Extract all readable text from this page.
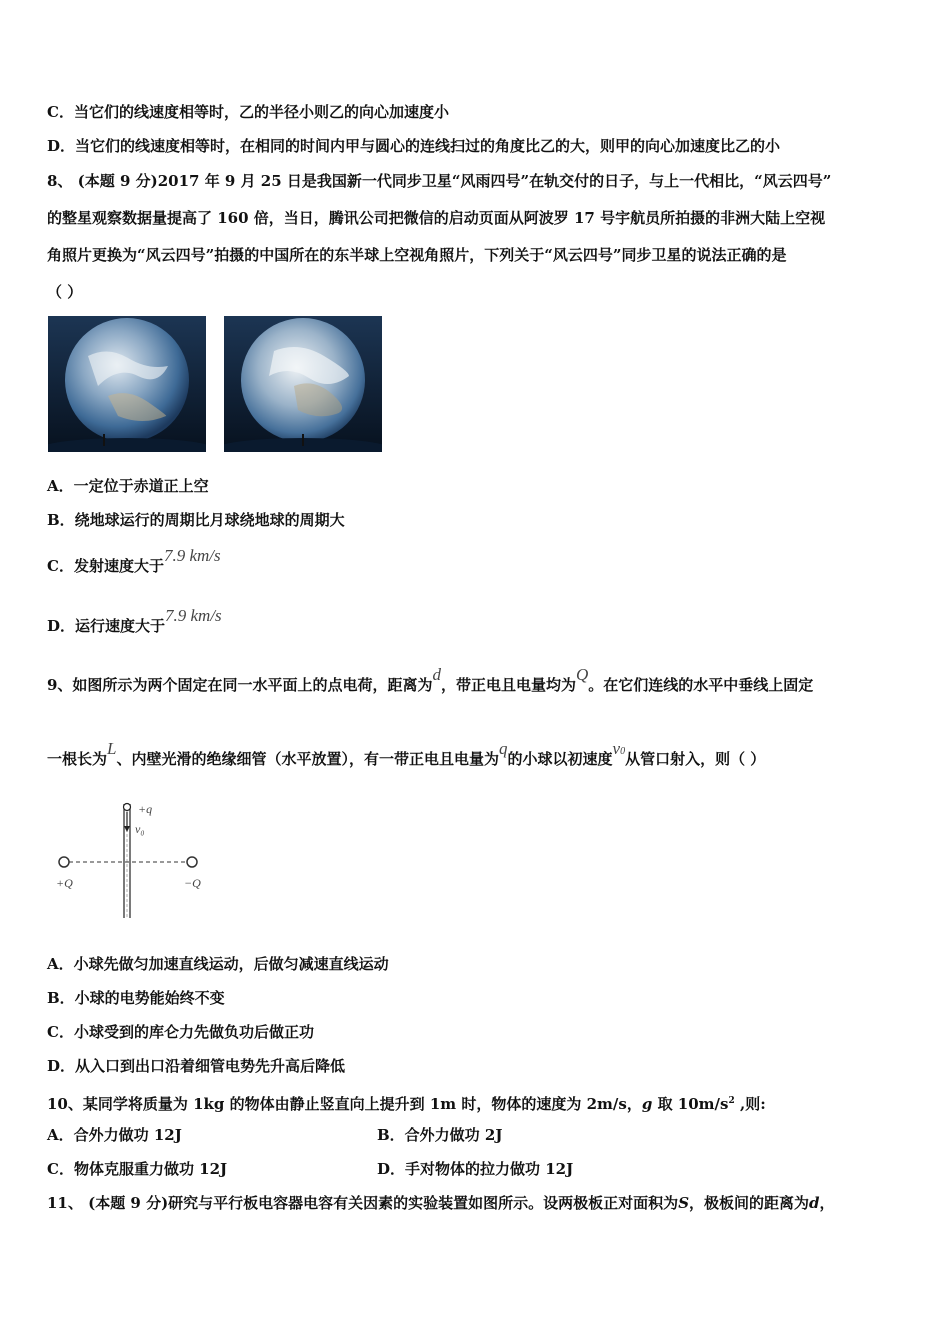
C．当它们的线速度相等时，乙的半径小则乙的向心加速度小
D．当它们的线速度相等时，在相同的时间内甲与圆心的连线扫过的角度比乙的大，则甲的向心加速度比乙的小
8、 (本题 9 分)2017 年 9 月 25 日是我国新一代同步卫星“风雨四号”在轨交付的日子，与上一代相比，“风云四号”
的整星观察数据量提高了 160 倍，当日，腾讯公司把微信的启动页面从阿波罗 17 号宇航员所拍摄的非洲大陆上空视
角照片更换为“风云四号”拍摄的中国所在的东半球上空视角照片，下列关于“风云四号”同步卫星的说法正确的是
（ ）
A．一定位于赤道正上空
B．绕地球运行的周期比月球绕地球的周期大
C．发射速度大于7.9 km/s
D．运行速度大于7.9 km/s
9、如图所示为两个固定在同一水平面上的点电荷，距离为d，带正电且电量均为Q。在它们连线的水平中垂线上固定
一根长为L、内壁光滑的绝缘细管（水平放置），有一带正电且电量为q的小球以初速度v0从管口射入，则（ ）
+q
v₀
+Q	−Q
A．小球先做匀加速直线运动，后做匀减速直线运动
B．小球的电势能始终不变
C．小球受到的库仑力先做负功后做正功
D．从入口到出口沿着细管电势先升高后降低
10、某同学将质量为 1kg 的物体由静止竖直向上提升到 1m 时，物体的速度为 2m/s，g 取 $10m/s^2$ ,则:
A．合外力做功 12J	B．合外力做功 2J
C．物体克服重力做功 12J	D．手对物体的拉力做功 12J
11、 (本题 9 分)研究与平行板电容器电容有关因素的实验装置如图所示。设两极板正对面积为S，极板间的距离为d，
